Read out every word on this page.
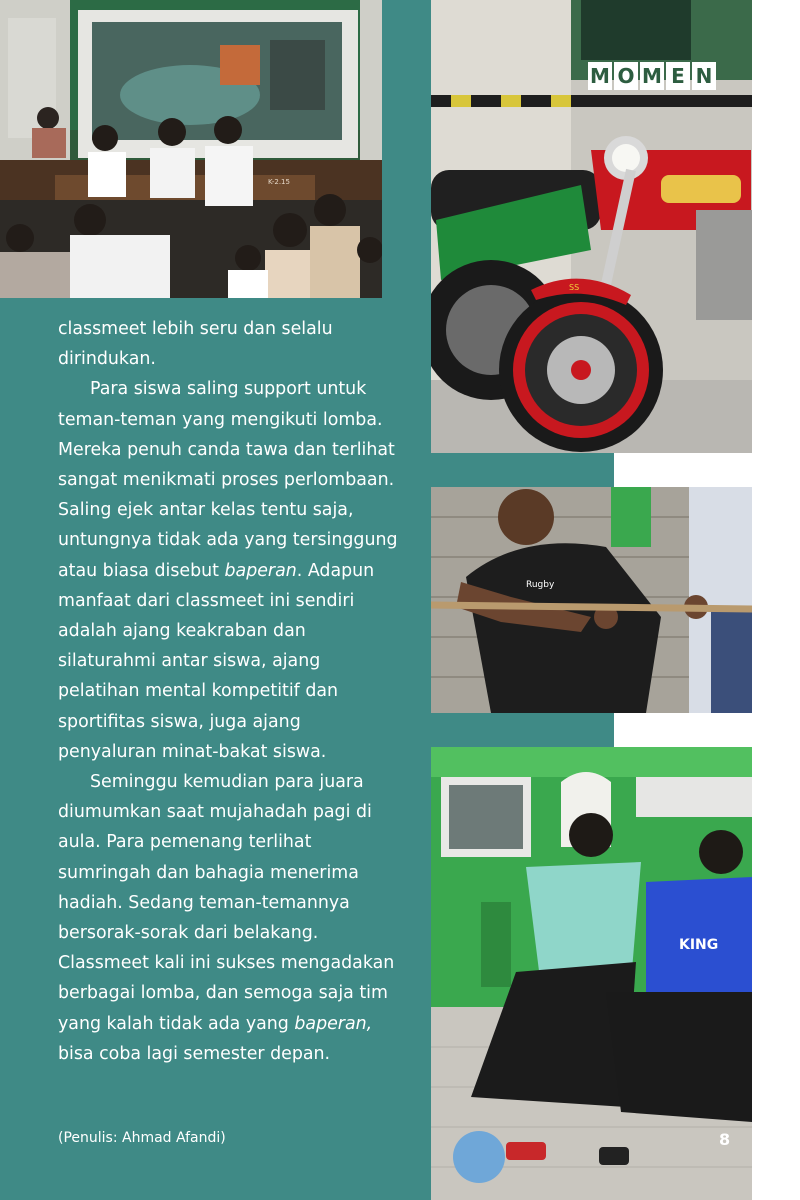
K-2.15
SS
M O M E N
Rugby
KING

classmeet lebih seru dan selalu dirindukan.

Para siswa saling support untuk teman-teman yang mengikuti lomba. Mereka penuh canda tawa dan terlihat sangat menikmati proses perlombaan. Saling ejek antar kelas tentu saja, untungnya tidak ada yang tersinggung atau biasa disebut baperan. Adapun manfaat dari classmeet ini sendiri adalah ajang keakraban dan silaturahmi antar siswa, ajang pelatihan mental kompetitif dan sportifitas siswa, juga ajang penyaluran minat-bakat siswa.

Seminggu kemudian para juara diumumkan saat mujahadah pagi di aula. Para pemenang terlihat sumringah dan bahagia menerima hadiah. Sedang teman-temannya bersorak-sorak dari belakang. Classmeet kali ini sukses mengadakan berbagai lomba, dan semoga saja tim yang kalah tidak ada yang baperan, bisa coba lagi semester depan.

(Penulis: Ahmad Afandi)	8
